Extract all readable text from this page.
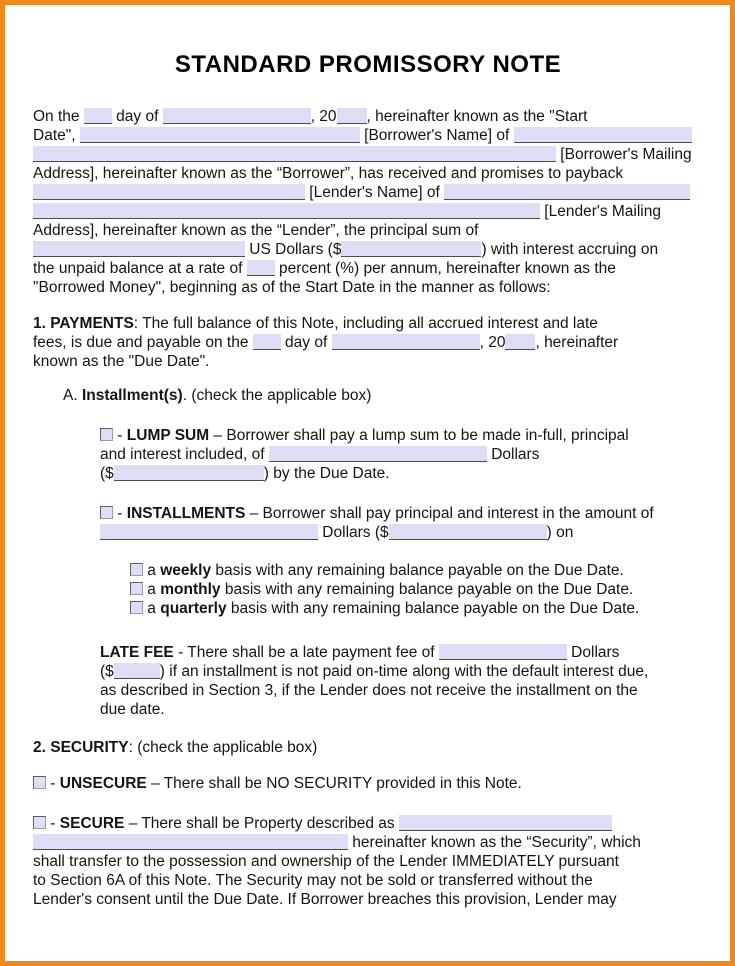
STANDARD PROMISSORY NOTE
On the  day of	, 20 , hereinafter known as the "Start
Date",	[Borrower's Name] of
[Borrower's Mailing
Address], hereinafter known as the “Borrower”, has received and promises to payback
[Lender's Name] of
[Lender's Mailing
Address], hereinafter known as the “Lender”, the principal sum of
US Dollars ($	) with interest accruing on
the unpaid balance at a rate of  percent (%) per annum, hereinafter known as the
"Borrowed Money", beginning as of the Start Date in the manner as follows:
1. PAYMENTS: The full balance of this Note, including all accrued interest and late
fees, is due and payable on the  day of	, 20 , hereinafter
known as the "Due Date".
A. Installment(s). (check the applicable box)
- LUMP SUM – Borrower shall pay a lump sum to be made in-full, principal
and interest included, of	Dollars
($	) by the Due Date.
- INSTALLMENTS – Borrower shall pay principal and interest in the amount of
Dollars ($	) on
a weekly basis with any remaining balance payable on the Due Date.
a monthly basis with any remaining balance payable on the Due Date.
a quarterly basis with any remaining balance payable on the Due Date.
LATE FEE - There shall be a late payment fee of	Dollars
($	) if an installment is not paid on-time along with the default interest due,
as described in Section 3, if the Lender does not receive the installment on the
due date.
2. SECURITY: (check the applicable box)
- UNSECURE – There shall be NO SECURITY provided in this Note.
- SECURE – There shall be Property described as
hereinafter known as the “Security”, which
shall transfer to the possession and ownership of the Lender IMMEDIATELY pursuant
to Section 6A of this Note. The Security may not be sold or transferred without the
Lender's consent until the Due Date. If Borrower breaches this provision, Lender may
